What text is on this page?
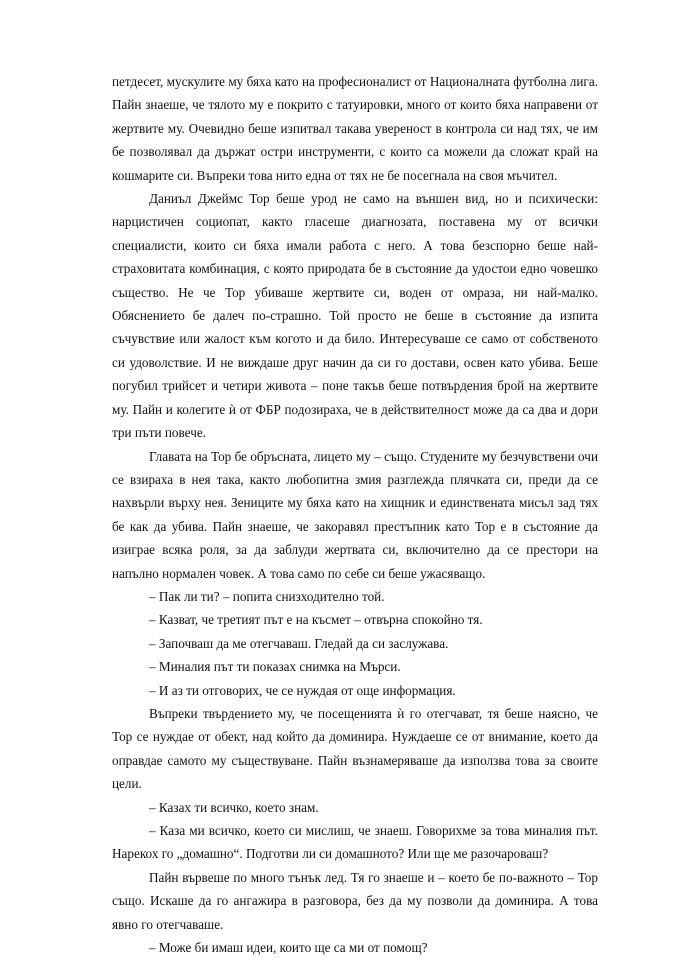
петдесет, мускулите му бяха като на професионалист от Националната футболна лига. Пайн знаеше, че тялото му е покрито с татуировки, много от които бяха направени от жертвите му. Очевидно беше изпитвал такава увереност в контрола си над тях, че им бе позволявал да държат остри инструменти, с които са можели да сложат край на кошмарите си. Въпреки това нито една от тях не бе посегнала на своя мъчител.

Даниъл Джеймс Тор беше урод не само на външен вид, но и психически: нарцистичен социопат, както гласеше диагнозата, поставена му от всички специалисти, които си бяха имали работа с него. А това безспорно беше най-страховитата комбинация, с която природата бе в състояние да удостои едно човешко същество. Не че Тор убиваше жертвите си, воден от омраза, ни най-малко. Обяснението бе далеч по-страшно. Той просто не беше в състояние да изпита съчувствие или жалост към когото и да било. Интересуваше се само от собственото си удоволствие. И не виждаше друг начин да си го достави, освен като убива. Беше погубил трийсет и четири живота – поне такъв беше потвърдения брой на жертвите му. Пайн и колегите ѝ от ФБР подозираха, че в действителност може да са два и дори три пъти повече.

Главата на Тор бе обръсната, лицето му – също. Студените му безчувствени очи се взираха в нея така, както любопитна змия разглежда плячката си, преди да се нахвърли върху нея. Зениците му бяха като на хищник и единствената мисъл зад тях бе как да убива. Пайн знаеше, че закоравял престъпник като Тор е в състояние да изиграе всяка роля, за да заблуди жертвата си, включително да се престори на напълно нормален човек. А това само по себе си беше ужасяващо.

– Пак ли ти? – попита снизходително той.

– Казват, че третият път е на късмет – отвърна спокойно тя.

– Започваш да ме отегчаваш. Гледай да си заслужава.

– Миналия път ти показах снимка на Мърси.

– И аз ти отговорих, че се нуждая от още информация.

Въпреки твърдението му, че посещенията ѝ го отегчават, тя беше наясно, че Тор се нуждае от обект, над който да доминира. Нуждаеше се от внимание, което да оправдае самото му съществуване. Пайн възнамеряваше да използва това за своите цели.

– Казах ти всичко, което знам.

– Каза ми всичко, което си мислиш, че знаеш. Говорихме за това миналия път. Нарекох го „домашно“. Подготви ли си домашното? Или ще ме разочароваш?

Пайн вървеше по много тънък лед. Тя го знаеше и – което бе по-важното – Тор също. Искаше да го ангажира в разговора, без да му позволи да доминира. А това явно го отегчаваше.

– Може би имаш идеи, които ще са ми от помощ?
